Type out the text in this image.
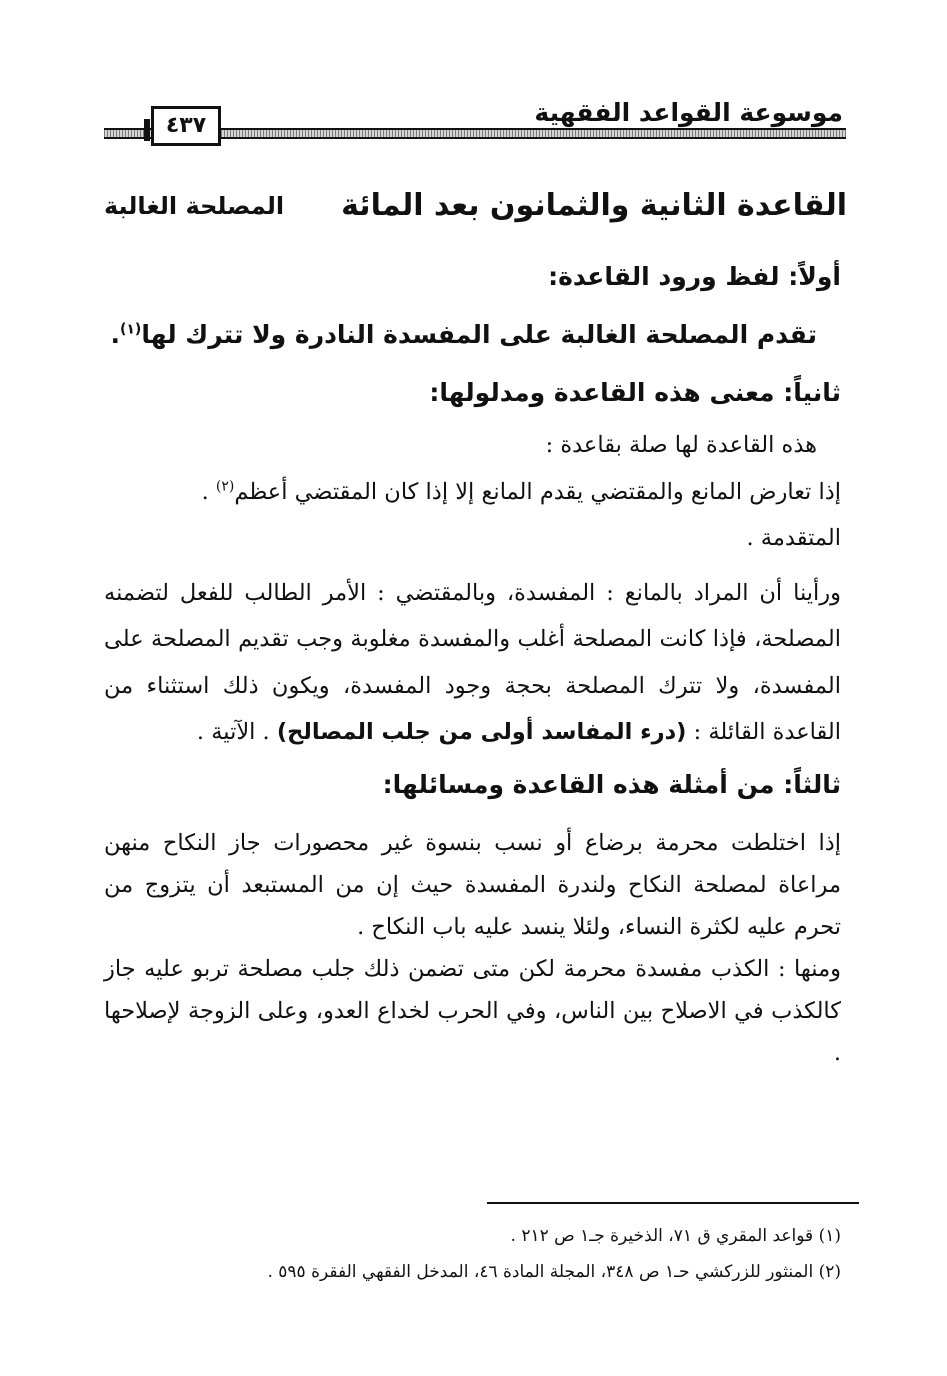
موسوعة القواعد الفقهية
٤٣٧
القاعدة الثانية والثمانون بعد المائة
المصلحة الغالبة

أولاً: لفظ ورود القاعدة:

تقدم المصلحة الغالبة على المفسدة النادرة ولا تترك لها$^{(١)}$.

ثانياً: معنى هذه القاعدة ومدلولها:

هذه القاعدة لها صلة بقاعدة :

إذا تعارض المانع والمقتضي يقدم المانع إلا إذا كان المقتضي أعظم$^{(٢)}$ .

المتقدمة .

ورأينا أن المراد بالمانع : المفسدة، وبالمقتضي : الأمر الطالب للفعل لتضمنه المصلحة، فإذا كانت المصلحة أغلب والمفسدة مغلوبة وجب تقديم المصلحة على المفسدة، ولا تترك المصلحة بحجة وجود المفسدة، ويكون ذلك استثناء من القاعدة القائلة : (درء المفاسد أولى من جلب المصالح) . الآتية .

ثالثاً: من أمثلة هذه القاعدة ومسائلها:

إذا اختلطت محرمة برضاع أو نسب بنسوة غير محصورات جاز النكاح منهن مراعاة لمصلحة النكاح ولندرة المفسدة حيث إن من المستبعد أن يتزوج من تحرم عليه لكثرة النساء، ولئلا ينسد عليه باب النكاح .

ومنها : الكذب مفسدة محرمة لكن متى تضمن ذلك جلب مصلحة تربو عليه جاز كالكذب في الاصلاح بين الناس، وفي الحرب لخداع العدو، وعلى الزوجة لإصلاحها .

(١) قواعد المقري ق ٧١، الذخيرة جـ١ ص ٢١٢ .

(٢) المنثور للزركشي حـ١ ص ٣٤٨، المجلة المادة ٤٦، المدخل الفقهي الفقرة ٥٩٥ .
